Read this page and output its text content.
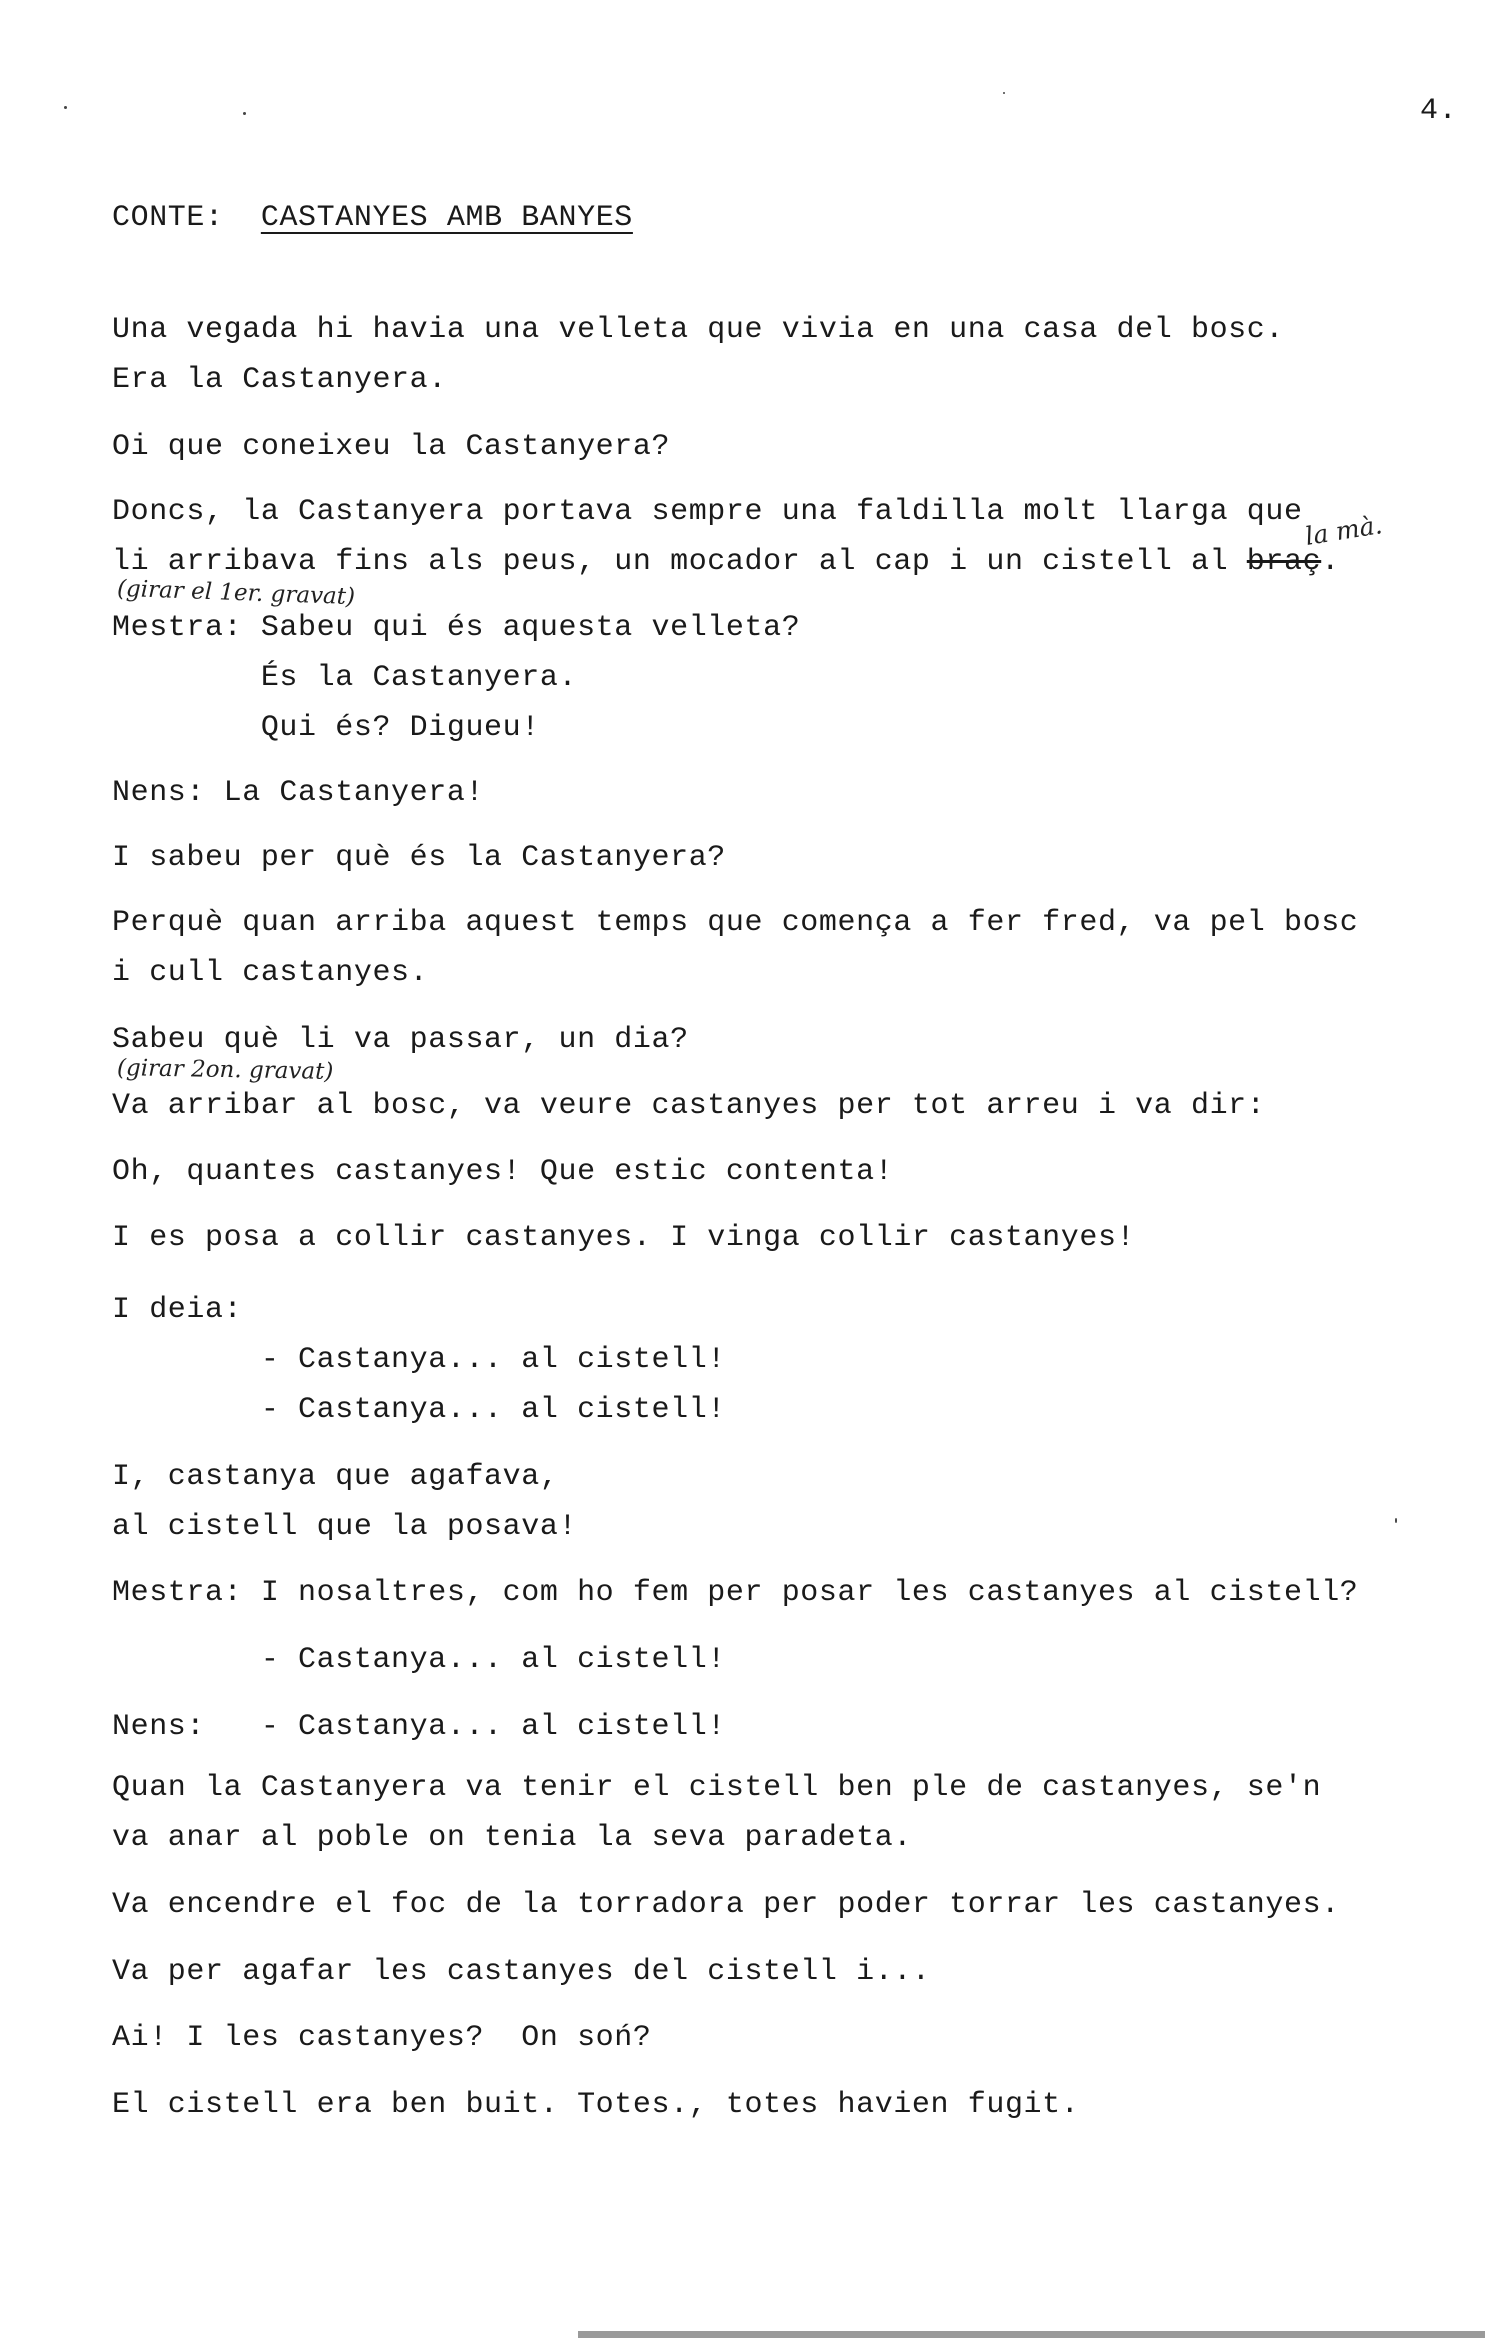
4.
CONTE: CASTANYES AMB BANYES
Una vegada hi havia una velleta que vivia en una casa del bosc.
Era la Castanyera.
Oi que coneixeu la Castanyera?
Doncs, la Castanyera portava sempre una faldilla molt llarga que
li arribava fins als peus, un mocador al cap i un cistell al braç.
la mà.
(girar el 1er. gravat)
Mestra: Sabeu qui és aquesta velleta?
És la Castanyera.
Qui és? Digueu!
Nens: La Castanyera!
I sabeu per què és la Castanyera?
Perquè quan arriba aquest temps que comença a fer fred, va pel bosc
i cull castanyes.
Sabeu què li va passar, un dia?
(girar 2on. gravat)
Va arribar al bosc, va veure castanyes per tot arreu i va dir:
Oh, quantes castanyes! Que estic contenta!
I es posa a collir castanyes. I vinga collir castanyes!
I deia:
- Castanya... al cistell!
- Castanya... al cistell!
I, castanya que agafava,
al cistell que la posava!
Mestra: I nosaltres, com ho fem per posar les castanyes al cistell?
- Castanya... al cistell!
Nens:   - Castanya... al cistell!
Quan la Castanyera va tenir el cistell ben ple de castanyes, se'n
va anar al poble on tenia la seva paradeta.
Va encendre el foc de la torradora per poder torrar les castanyes.
Va per agafar les castanyes del cistell i...
Ai! I les castanyes?  On soń?
El cistell era ben buit. Totes., totes havien fugit.
